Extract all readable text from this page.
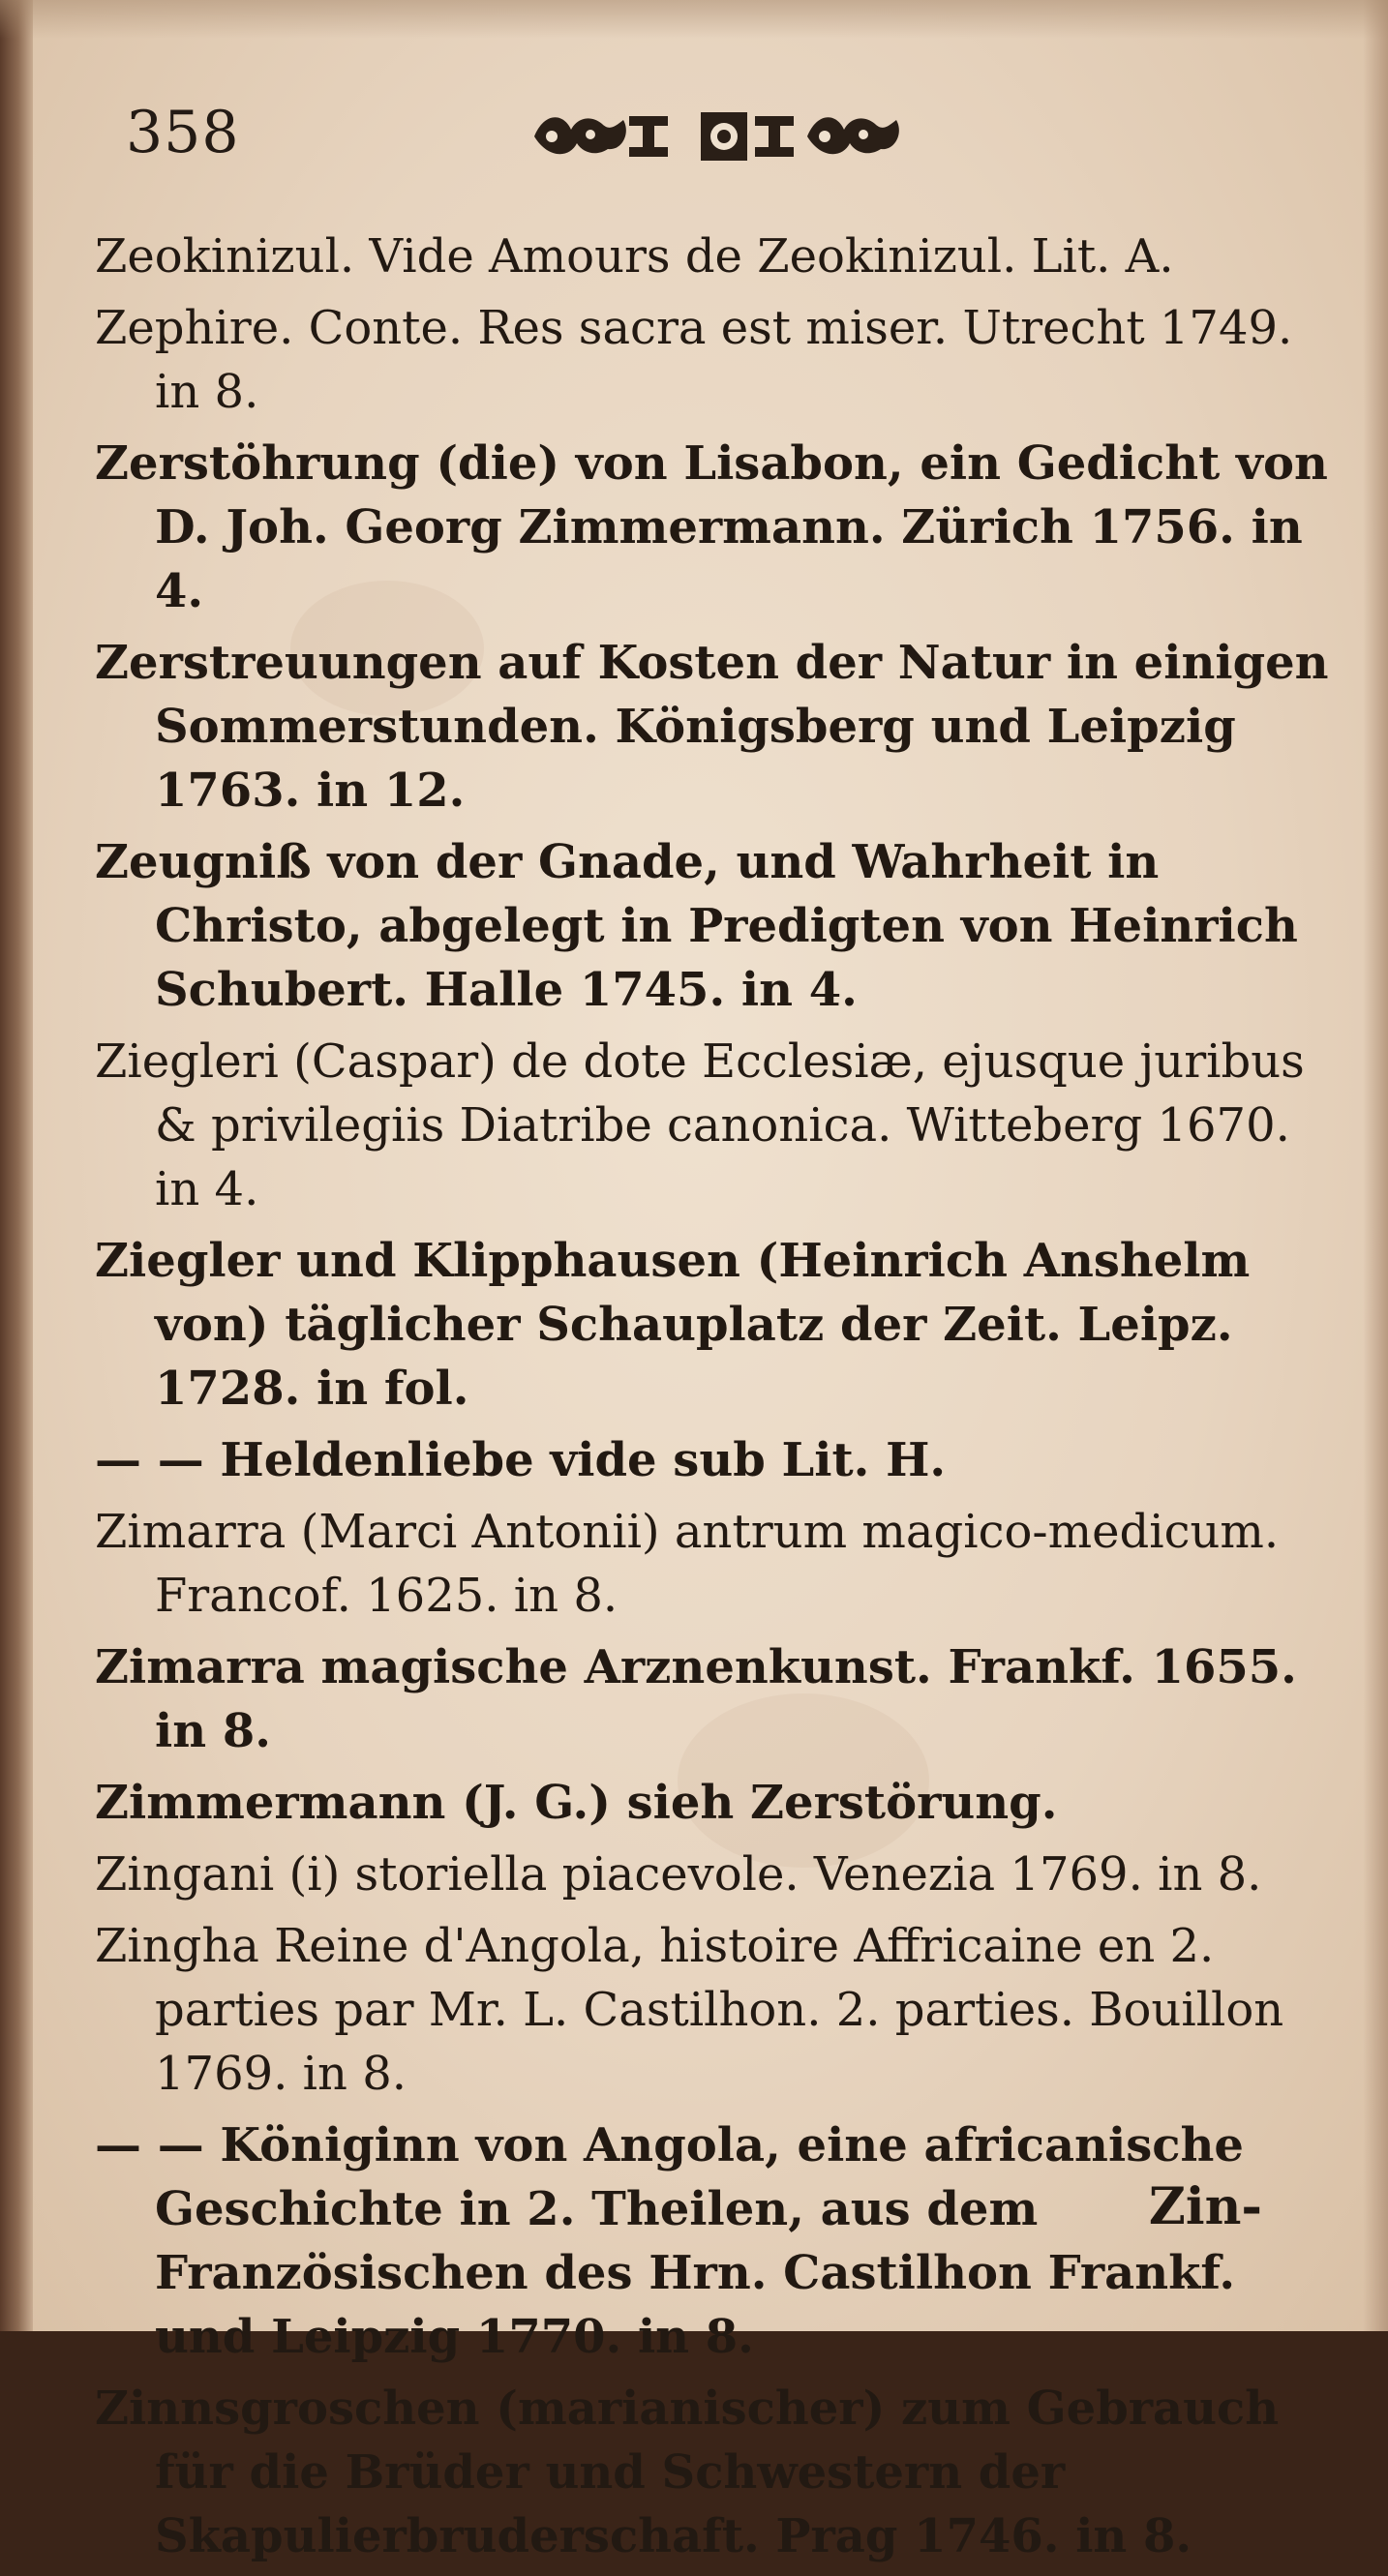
358
Zeokinizul. Vide Amours de Zeokinizul. Lit. A.
Zephire. Conte. Res sacra est miser. Utrecht 1749. in 8.
Zerstöhrung (die) von Lisabon, ein Gedicht von D. Joh. Georg Zimmermann. Zürich 1756. in 4.
Zerstreuungen auf Kosten der Natur in einigen Sommerstunden. Königsberg und Leipzig 1763. in 12.
Zeugniß von der Gnade, und Wahrheit in Christo, abgelegt in Predigten von Heinrich Schubert. Halle 1745. in 4.
Ziegleri (Caspar) de dote Ecclesiæ, ejusque juribus & privilegiis Diatribe canonica. Witteberg 1670. in 4.
Ziegler und Klipphausen (Heinrich Anshelm von) täglicher Schauplatz der Zeit. Leipz. 1728. in fol.
— — Heldenliebe vide sub Lit. H.
Zimarra (Marci Antonii) antrum magico-medicum. Francof. 1625. in 8.
Zimarra magische Arznenkunst. Frankf. 1655. in 8.
Zimmermann (J. G.) sieh Zerstörung.
Zingani (i) storiella piacevole. Venezia 1769. in 8.
Zingha Reine d'Angola, histoire Affricaine en 2. parties par Mr. L. Castilhon. 2. parties. Bouillon 1769. in 8.
— — Königinn von Angola, eine africanische Geschichte in 2. Theilen, aus dem Französischen des Hrn. Castilhon Frankf. und Leipzig 1770. in 8.
Zinnsgroschen (marianischer) zum Gebrauch für die Brüder und Schwestern der Skapulierbruderschaft. Prag 1746. in 8.
Zin-
